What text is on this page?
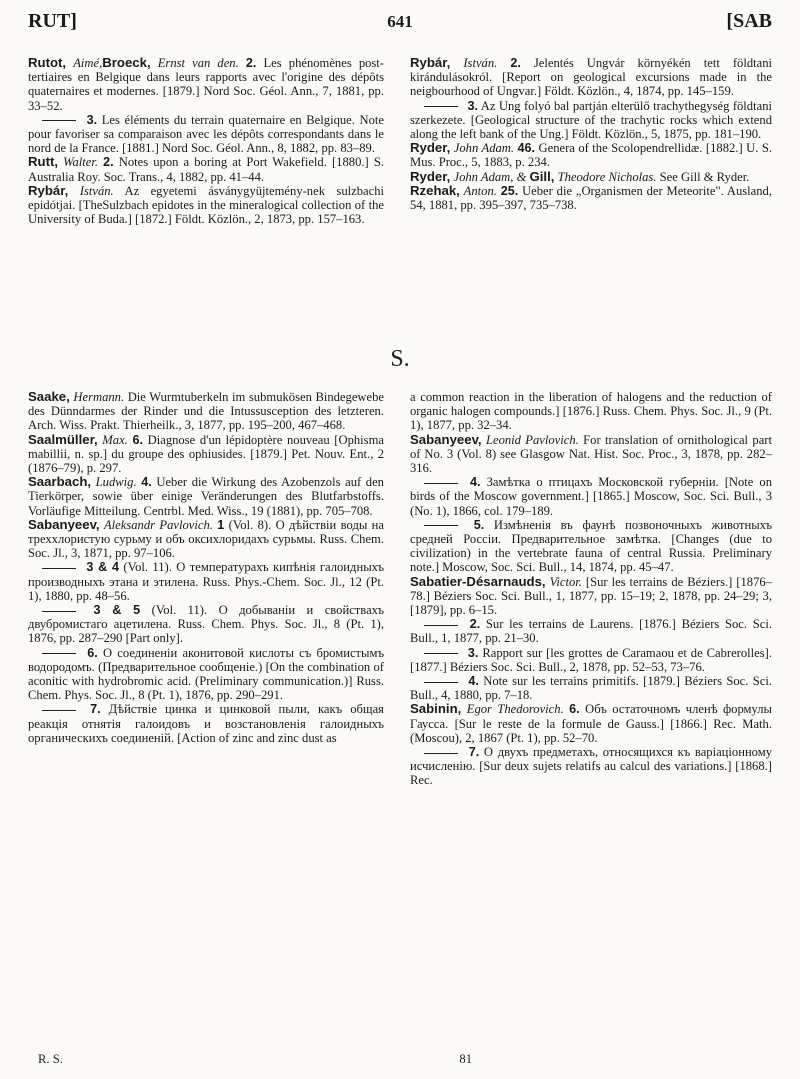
RUT]	641	[SAB

Rutot, Aimé,Broeck, Ernst van den. 2. Les phénomènes post-tertiaires en Belgique dans leurs rapports avec l'origine des dépôts quaternaires et modernes. [1879.] Nord Soc. Géol. Ann., 7, 1881, pp. 33–52.

3. Les éléments du terrain quaternaire en Belgique. Note pour favoriser sa comparaison avec les dépôts correspondants dans le nord de la France. [1881.] Nord Soc. Géol. Ann., 8, 1882, pp. 83–89.

Rutt, Walter. 2. Notes upon a boring at Port Wakefield. [1880.] S. Australia Roy. Soc. Trans., 4, 1882, pp. 41–44.

Rybár, István. Az egyetemi ásványgyüjtemény-nek sulzbachi epidótjai. [TheSulzbach epidotes in the mineralogical collection of the University of Buda.] [1872.] Földt. Közlön., 2, 1873, pp. 157–163.

Rybár, István. 2. Jelentés Ungvár környékén tett földtani kirándulásokról. [Report on geological excursions made in the neigbourhood of Ungvar.] Földt. Közlön., 4, 1874, pp. 145–159.

3. Az Ung folyó bal partján elterülő trachythegység földtani szerkezete. [Geological structure of the trachytic rocks which extend along the left bank of the Ung.] Földt. Közlön., 5, 1875, pp. 181–190.

Ryder, John Adam. 46. Genera of the Scolopendrellidæ. [1882.] U. S. Mus. Proc., 5, 1883, p. 234.

Ryder, John Adam, & Gill, Theodore Nicholas. See Gill & Ryder.

Rzehak, Anton. 25. Ueber die „Organismen der Meteorite". Ausland, 54, 1881, pp. 395–397, 735–738.

S.

Saake, Hermann. Die Wurmtuberkeln im submukösen Bindegewebe des Dünndarmes der Rinder und die Intussusception des letzteren. Arch. Wiss. Prakt. Thierheilk., 3, 1877, pp. 195–200, 467–468.

Saalmüller, Max. 6. Diagnose d'un lépidoptère nouveau [Ophisma mabillii, n. sp.] du groupe des ophiusides. [1879.] Pet. Nouv. Ent., 2 (1876–79), p. 297.

Saarbach, Ludwig. 4. Ueber die Wirkung des Azobenzols auf den Tierkörper, sowie über einige Veränderungen des Blutfarbstoffs. Vorläufige Mitteilung. Centrbl. Med. Wiss., 19 (1881), pp. 705–708.

Sabanyeev, Aleksandr Pavlovich. 1 (Vol. 8). О дѣйствіи воды на трехxлористую сурьму и объ оксихлоридахъ сурьмы. Russ. Chem. Soc. Jl., 3, 1871, pp. 97–106.

3 & 4 (Vol. 11). О температурахъ кипѣнія галоидныхъ производныхъ этана и этилена. Russ. Phys.-Chem. Soc. Jl., 12 (Pt. 1), 1880, pp. 48–56.

3 & 5 (Vol. 11). О добываніи и свойствахъ двубромистаго ацетилена. Russ. Chem. Phys. Soc. Jl., 8 (Pt. 1), 1876, pp. 287–290 [Part only].

6. О соединеніи аконитовой кислоты съ бромистымъ водородомъ. (Предварительное сообщеніе.) [On the combination of aconitic with hydrobromic acid. (Preliminary communication.)] Russ. Chem. Phys. Soc. Jl., 8 (Pt. 1), 1876, pp. 290–291.

7. Дѣйствіе цинка и цинковой пыли, какъ общая реакція отнятія галоидовъ и возстановленія галоидныхъ органическихъ соединеній. [Action of zinc and zinc dust as

a common reaction in the liberation of halogens and the reduction of organic halogen compounds.] [1876.] Russ. Chem. Phys. Soc. Jl., 9 (Pt. 1), 1877, pp. 32–34.

Sabanyeev, Leonid Pavlovich. For translation of ornithological part of No. 3 (Vol. 8) see Glasgow Nat. Hist. Soc. Proc., 3, 1878, pp. 282–316.

4. Замѣтка о птицахъ Московской губерніи. [Note on birds of the Moscow government.] [1865.] Moscow, Soc. Sci. Bull., 3 (No. 1), 1866, col. 179–189.

5. Измѣненія въ фаунѣ позвоночныхъ животныхъ средней Россіи. Предварительное замѣтка. [Changes (due to civilization) in the vertebrate fauna of central Russia. Preliminary note.] Moscow, Soc. Sci. Bull., 14, 1874, pp. 45–47.

Sabatier-Désarnauds, Victor. [Sur les terrains de Béziers.] [1876–78.] Béziers Soc. Sci. Bull., 1, 1877, pp. 15–19; 2, 1878, pp. 24–29; 3, [1879], pp. 6–15.

2. Sur les terrains de Laurens. [1876.] Béziers Soc. Sci. Bull., 1, 1877, pp. 21–30.

3. Rapport sur [les grottes de Caramaou et de Cabrerolles]. [1877.] Béziers Soc. Sci. Bull., 2, 1878, pp. 52–53, 73–76.

4. Note sur les terrains primitifs. [1879.] Béziers Soc. Sci. Bull., 4, 1880, pp. 7–18.

Sabinin, Egor Thedorovich. 6. Объ остаточномъ членѣ формулы Гаусса. [Sur le reste de la formule de Gauss.] [1866.] Rec. Math. (Moscou), 2, 1867 (Pt. 1), pp. 52–70.

7. О двухъ предметахъ, относящихся къ варіаціонному исчисленію. [Sur deux sujets relatifs au calcul des variations.] [1868.] Rec.

R. S.	81
